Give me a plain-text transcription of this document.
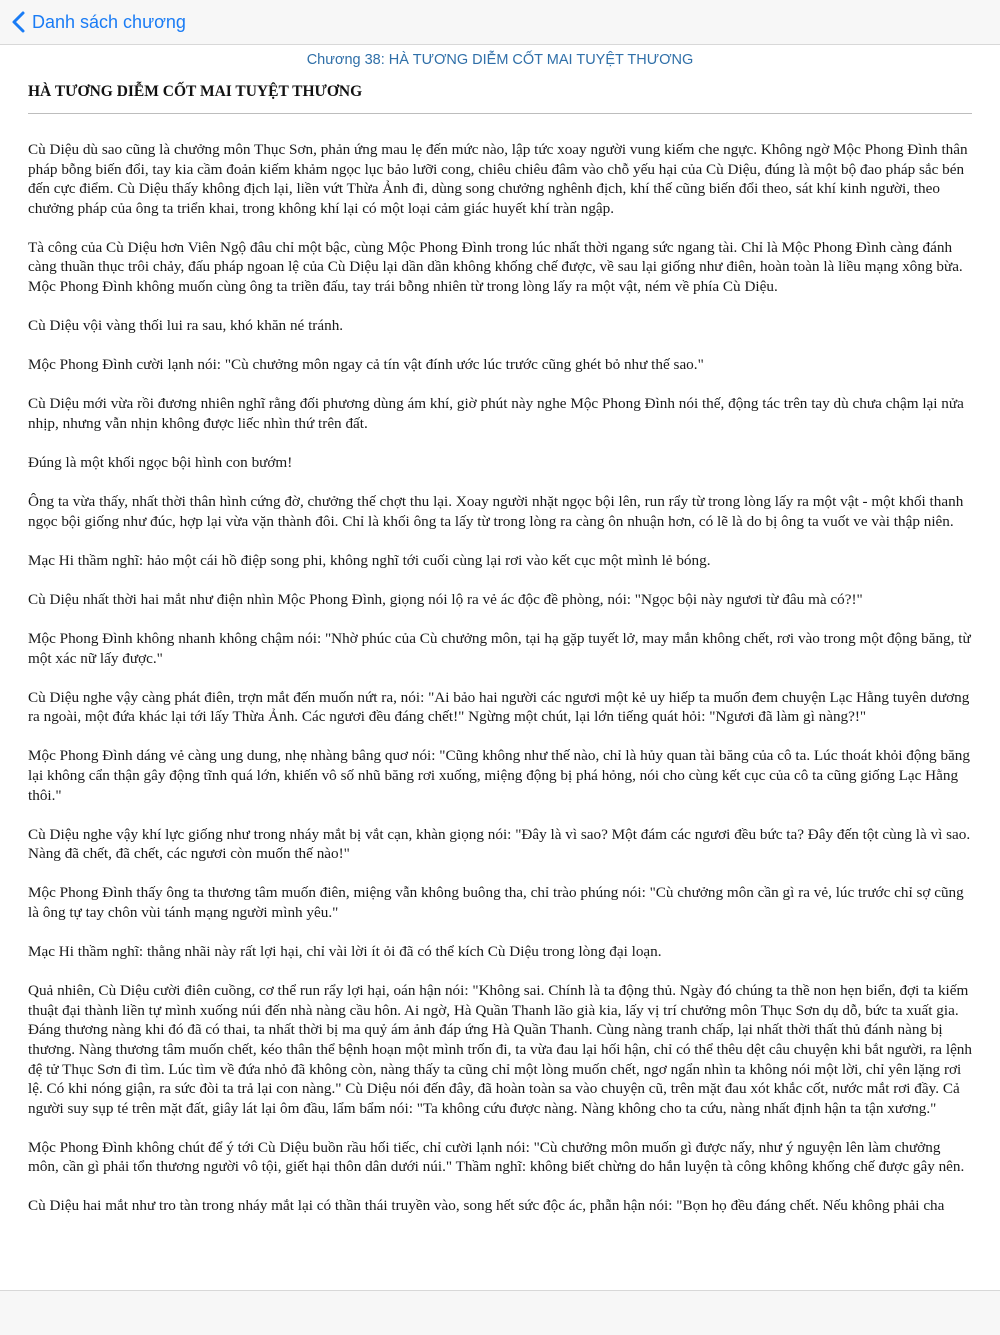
Danh sách chương
Chương 38: HÀ TƯƠNG DIỄM CỐT MAI TUYỆT THƯƠNG
HÀ TƯƠNG DIỄM CỐT MAI TUYỆT THƯƠNG

Cù Diệu dù sao cũng là chưởng môn Thục Sơn, phản ứng mau lẹ đến mức nào, lập tức xoay người vung kiếm che ngực. Không ngờ Mộc Phong Đình thân pháp bỗng biến đổi, tay kia cầm đoản kiếm khảm ngọc lục bảo lưỡi cong, chiêu chiêu đâm vào chỗ yếu hại của Cù Diệu, đúng là một bộ đao pháp sắc bén đến cực điểm. Cù Diệu thấy không địch lại, liền vứt Thừa Ảnh đi, dùng song chưởng nghênh địch, khí thế cũng biến đổi theo, sát khí kinh người, theo chưởng pháp của ông ta triển khai, trong không khí lại có một loại cảm giác huyết khí tràn ngập.

Tà công của Cù Diệu hơn Viên Ngộ đâu chỉ một bậc, cùng Mộc Phong Đình trong lúc nhất thời ngang sức ngang tài. Chỉ là Mộc Phong Đình càng đánh càng thuần thục trôi chảy, đấu pháp ngoan lệ của Cù Diệu lại dần dần không khống chế được, về sau lại giống như điên, hoàn toàn là liều mạng xông bừa. Mộc Phong Đình không muốn cùng ông ta triền đấu, tay trái bỗng nhiên từ trong lòng lấy ra một vật, ném về phía Cù Diệu.

Cù Diệu vội vàng thối lui ra sau, khó khăn né tránh.

Mộc Phong Đình cười lạnh nói: "Cù chưởng môn ngay cả tín vật đính ước lúc trước cũng ghét bỏ như thế sao."

Cù Diệu mới vừa rồi đương nhiên nghĩ rằng đối phương dùng ám khí, giờ phút này nghe Mộc Phong Đình nói thế, động tác trên tay dù chưa chậm lại nửa nhịp, nhưng vẫn nhịn không được liếc nhìn thứ trên đất.

Đúng là một khối ngọc bội hình con bướm!

Ông ta vừa thấy, nhất thời thân hình cứng đờ, chưởng thế chợt thu lại. Xoay người nhặt ngọc bội lên, run rẩy từ trong lòng lấy ra một vật - một khối thanh ngọc bội giống như đúc, hợp lại vừa vặn thành đôi. Chỉ là khối ông ta lấy từ trong lòng ra càng ôn nhuận hơn, có lẽ là do bị ông ta vuốt ve vài thập niên.

Mạc Hi thầm nghĩ: hảo một cái hồ điệp song phi, không nghĩ tới cuối cùng lại rơi vào kết cục một mình lẻ bóng.

Cù Diệu nhất thời hai mắt như điện nhìn Mộc Phong Đình, giọng nói lộ ra vẻ ác độc đề phòng, nói: "Ngọc bội này ngươi từ đâu mà có?!"

Mộc Phong Đình không nhanh không chậm nói: "Nhờ phúc của Cù chưởng môn, tại hạ gặp tuyết lở, may mắn không chết, rơi vào trong một động băng, từ một xác nữ lấy được."

Cù Diệu nghe vậy càng phát điên, trợn mắt đến muốn nứt ra, nói: "Ai bảo hai người các ngươi một kẻ uy hiếp ta muốn đem chuyện Lạc Hằng tuyên dương ra ngoài, một đứa khác lại tới lấy Thừa Ảnh. Các ngươi đều đáng chết!" Ngừng một chút, lại lớn tiếng quát hỏi: "Ngươi đã làm gì nàng?!"

Mộc Phong Đình dáng vẻ càng ung dung, nhẹ nhàng bâng quơ nói: "Cũng không như thế nào, chỉ là hủy quan tài băng của cô ta. Lúc thoát khỏi động băng lại không cẩn thận gây động tĩnh quá lớn, khiến vô số nhũ băng rơi xuống, miệng động bị phá hỏng, nói cho cùng kết cục của cô ta cũng giống Lạc Hằng thôi."

Cù Diệu nghe vậy khí lực giống như trong nháy mắt bị vắt cạn, khàn giọng nói: "Đây là vì sao? Một đám các ngươi đều bức ta? Đây đến tột cùng là vì sao. Nàng đã chết, đã chết, các ngươi còn muốn thế nào!"

Mộc Phong Đình thấy ông ta thương tâm muốn điên, miệng vẫn không buông tha, chỉ trào phúng nói: "Cù chưởng môn cần gì ra vẻ, lúc trước chỉ sợ cũng là ông tự tay chôn vùi tánh mạng người mình yêu."

Mạc Hi thầm nghĩ: thằng nhãi này rất lợi hại, chỉ vài lời ít ỏi đã có thể kích Cù Diệu trong lòng đại loạn.

Quả nhiên, Cù Diệu cười điên cuồng, cơ thể run rẩy lợi hại, oán hận nói: "Không sai. Chính là ta động thủ. Ngày đó chúng ta thề non hẹn biển, đợi ta kiếm thuật đại thành liền tự mình xuống núi đến nhà nàng cầu hôn. Ai ngờ, Hà Quần Thanh lão già kia, lấy vị trí chưởng môn Thục Sơn dụ dỗ, bức ta xuất gia. Đáng thương nàng khi đó đã có thai, ta nhất thời bị ma quỷ ám ảnh đáp ứng Hà Quần Thanh. Cùng nàng tranh chấp, lại nhất thời thất thủ đánh nàng bị thương. Nàng thương tâm muốn chết, kéo thân thể bệnh hoạn một mình trốn đi, ta vừa đau lại hối hận, chỉ có thể thêu dệt câu chuyện khi bắt người, ra lệnh đệ tử Thục Sơn đi tìm. Lúc tìm về đứa nhỏ đã không còn, nàng thấy ta cũng chỉ một lòng muốn chết, ngơ ngẩn nhìn ta không nói một lời, chỉ yên lặng rơi lệ. Có khi nóng giận, ra sức đòi ta trả lại con nàng." Cù Diệu nói đến đây, đã hoàn toàn sa vào chuyện cũ, trên mặt đau xót khắc cốt, nước mắt rơi đầy. Cả người suy sụp té trên mặt đất, giây lát lại ôm đầu, lẩm bẩm nói: "Ta không cứu được nàng. Nàng không cho ta cứu, nàng nhất định hận ta tận xương."

Mộc Phong Đình không chút để ý tới Cù Diệu buồn rầu hối tiếc, chỉ cười lạnh nói: "Cù chưởng môn muốn gì được nấy, như ý nguyện lên làm chưởng môn, cần gì phải tổn thương người vô tội, giết hại thôn dân dưới núi." Thầm nghĩ: không biết chừng do hắn luyện tà công không khống chế được gây nên.

Cù Diệu hai mắt như tro tàn trong nháy mắt lại có thần thái truyền vào, song hết sức độc ác, phẫn hận nói: "Bọn họ đều đáng chết. Nếu không phải cha
